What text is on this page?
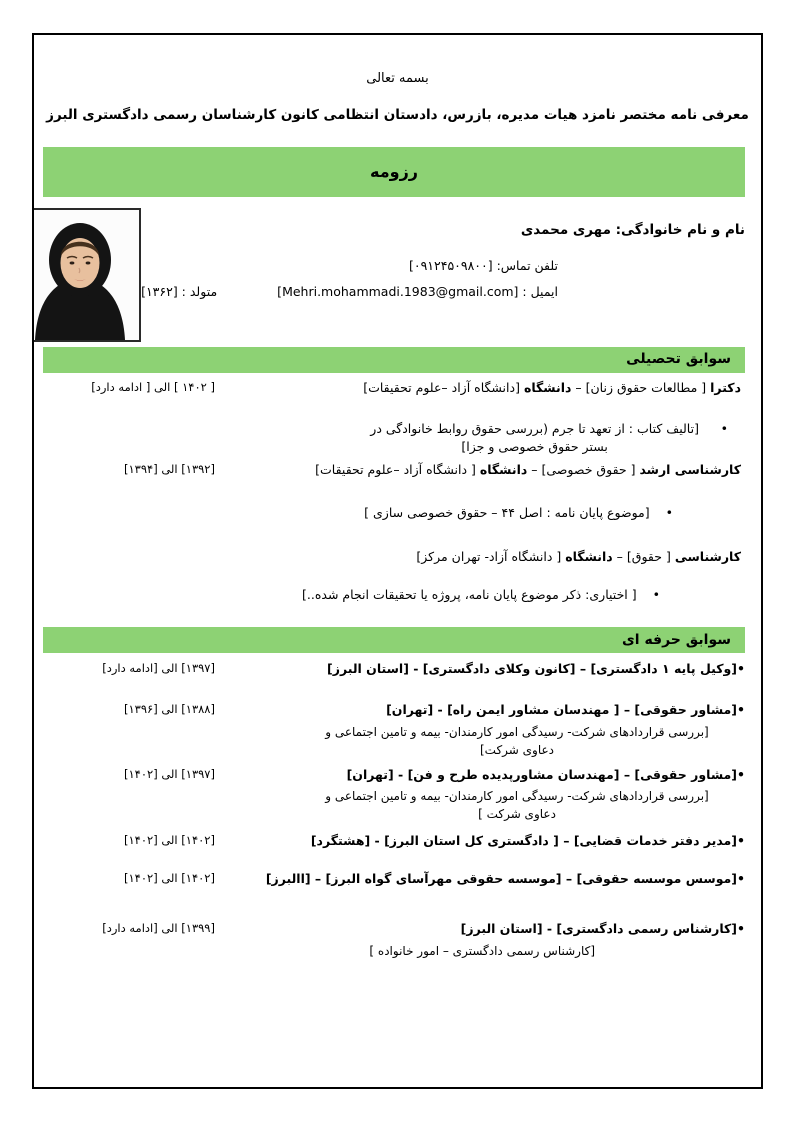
بسمه تعالی
معرفی نامه مختصر نامزد هیات مدیره، بازرس، دادستان انتظامی کانون کارشناسان رسمی دادگستری البرز
رزومه
نام و نام خانوادگی: مهری محمدی
تلفن تماس: [۰۹۱۲۴۵۰۹۸۰۰]
ایمیل : [Mehri.mohammadi.1983@gmail.com]
متولد : [۱۳۶۲]
سوابق تحصیلی
دکترا [ مطالعات حقوق زنان] – دانشگاه [دانشگاه آزاد –علوم تحقیقات]
[ ۱۴۰۲ ] الی [ ادامه دارد]
•
[تالیف کتاب : از تعهد تا جرم (بررسی حقوق روابط خانوادگی در بستر حقوق خصوصی و جزا]
کارشناسی ارشد [ حقوق خصوصی] – دانشگاه [ دانشگاه آزاد –علوم تحقیقات]
[۱۳۹۲] الی [۱۳۹۴]
•
[موضوع پایان نامه : اصل ۴۴ – حقوق خصوصی سازی ]
کارشناسی [ حقوق] – دانشگاه [ دانشگاه آزاد- تهران مرکز]
•
[ اختیاری: ذکر موضوع پایان نامه، پروژه یا تحقیقات انجام شده..]
سوابق حرفه ای
•[وکیل پایه ۱ دادگستری] – [کانون وکلای دادگستری] - [استان البرز]
[۱۳۹۷] الی [ادامه دارد]
•[مشاور حقوقی] – [ مهندسان مشاور ایمن راه] - [تهران]
[بررسی قراردادهای شرکت- رسیدگی امور کارمندان- بیمه و تامین اجتماعی و دعاوی شرکت]
[۱۳۸۸] الی [۱۳۹۶]
•[مشاور حقوقی] – [مهندسان مشاورپدیده طرح و فن] - [تهران]
[بررسی قراردادهای شرکت- رسیدگی امور کارمندان- بیمه و تامین اجتماعی و دعاوی شرکت ]
[۱۳۹۷] الی [۱۴۰۲]
•[مدیر دفتر خدمات قضایی] – [ دادگستری کل استان البرز] - [هشتگرد]
[۱۴۰۲] الی [۱۴۰۲]
•[موسس موسسه حقوقی] – [موسسه حقوقی مهرآسای گواه البرز] – [االبرز]
[۱۴۰۲] الی [۱۴۰۲]
•[کارشناس رسمی دادگستری] - [استان البرز]
[کارشناس رسمی دادگستری – امور خانواده ]
[۱۳۹۹] الی [ادامه دارد]
